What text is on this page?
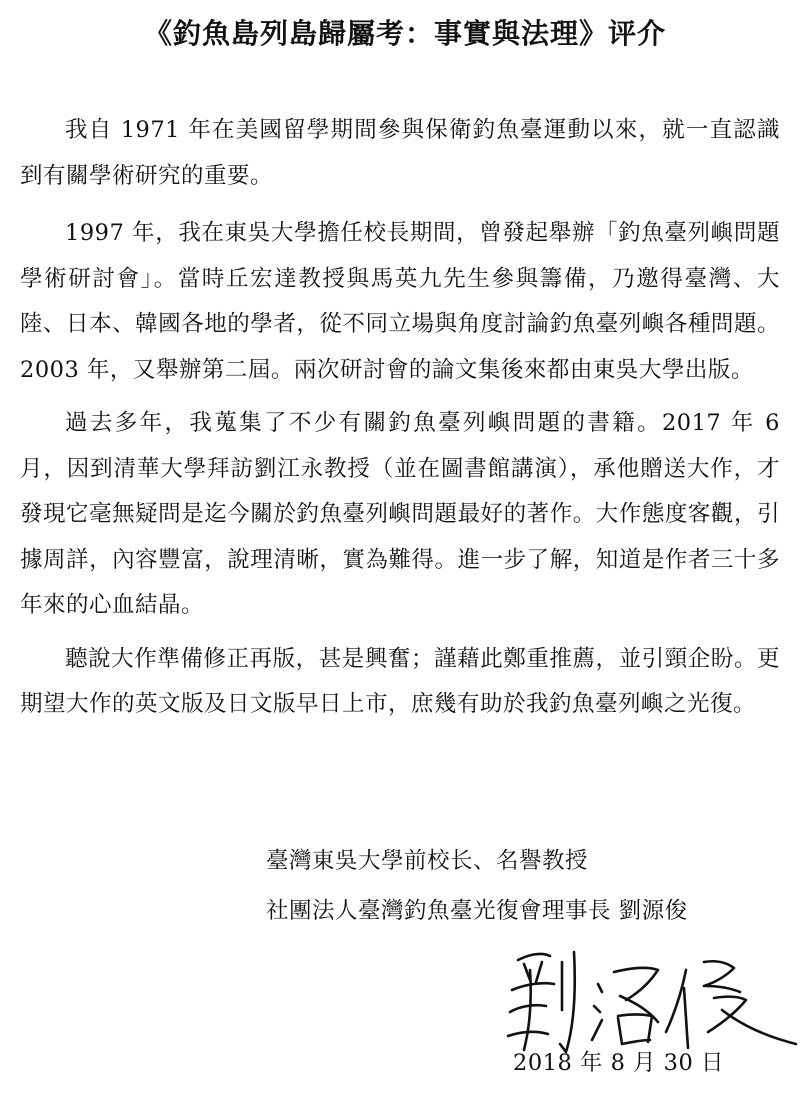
《釣魚島列島歸屬考：事實與法理》评介

我自 1971 年在美國留學期間參與保衛釣魚臺運動以來，就一直認識到有關學術研究的重要。

1997 年，我在東吳大學擔任校長期間，曾發起舉辦「釣魚臺列嶼問題學術研討會」。當時丘宏達教授與馬英九先生參與籌備，乃邀得臺灣、大陸、日本、韓國各地的學者，從不同立場與角度討論釣魚臺列嶼各種問題。2003 年，又舉辦第二屆。兩次研討會的論文集後來都由東吳大學出版。

過去多年，我蒐集了不少有關釣魚臺列嶼問題的書籍。2017 年 6 月，因到清華大學拜訪劉江永教授（並在圖書館講演），承他贈送大作，才發現它毫無疑問是迄今關於釣魚臺列嶼問題最好的著作。大作態度客觀，引據周詳，內容豐富，說理清晰，實為難得。進一步了解，知道是作者三十多年來的心血結晶。

聽說大作準備修正再版，甚是興奮；謹藉此鄭重推薦，並引頸企盼。更期望大作的英文版及日文版早日上市，庶幾有助於我釣魚臺列嶼之光復。

臺灣東吳大學前校长、名譽教授
社團法人臺灣釣魚臺光復會理事長 劉源俊
2018 年 8 月 30 日
